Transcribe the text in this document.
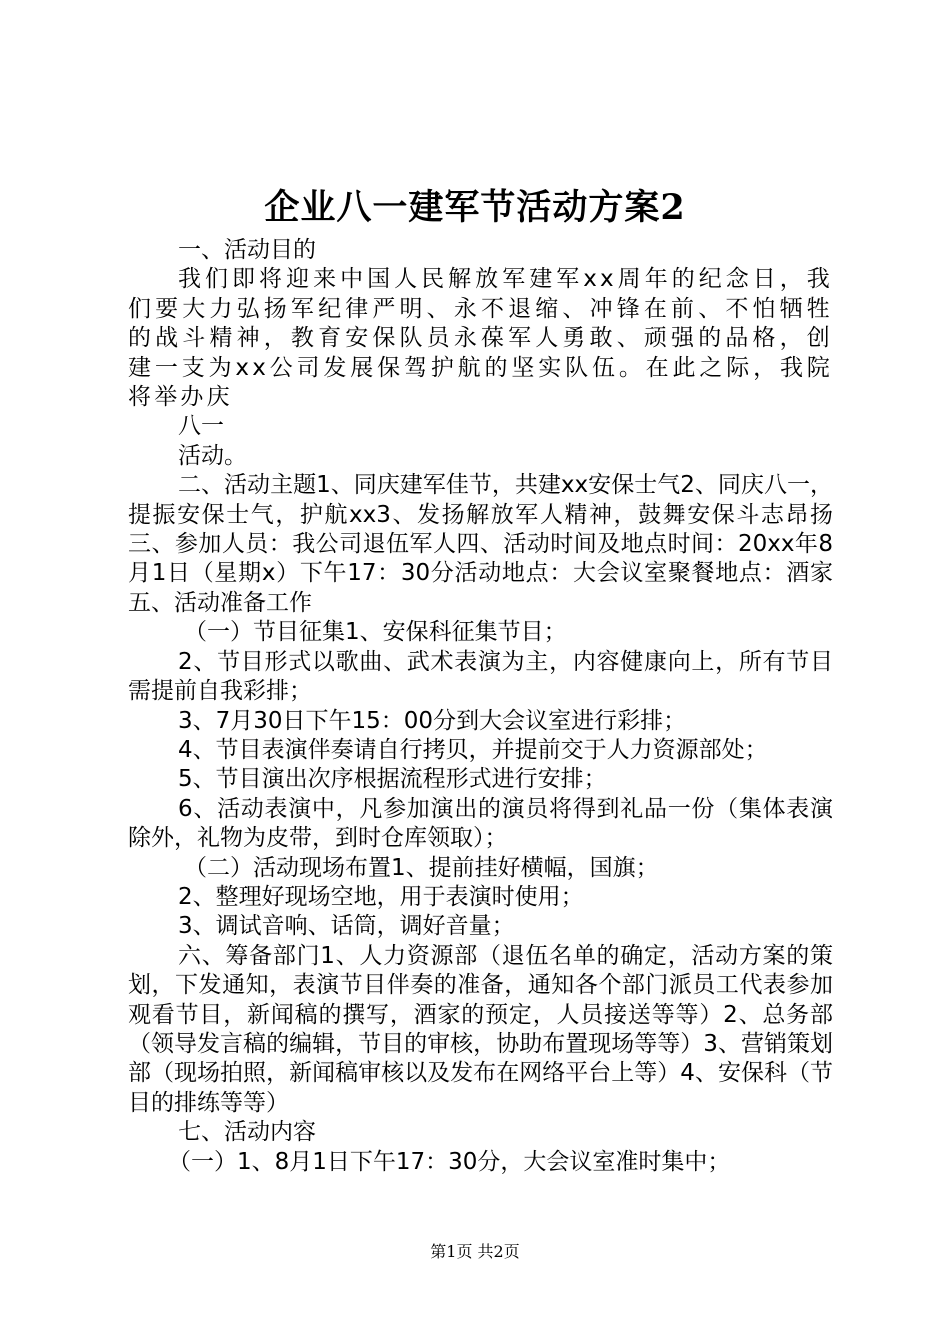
企业八一建军节活动方案2

一、活动目的

我们即将迎来中国人民解放军建军xx周年的纪念日，我们要大力弘扬军纪律严明、永不退缩、冲锋在前、不怕牺牲的战斗精神，教育安保队员永葆军人勇敢、顽强的品格，创建一支为xx公司发展保驾护航的坚实队伍。在此之际，我院将举办庆

八一

活动。

二、活动主题1、同庆建军佳节，共建xx安保士气2、同庆八一，提振安保士气，护航xx3、发扬解放军人精神，鼓舞安保斗志昂扬三、参加人员：我公司退伍军人四、活动时间及地点时间：20xx年8月1日（星期x）下午17：30分活动地点：大会议室聚餐地点：酒家五、活动准备工作

（一）节目征集1、安保科征集节目；

2、节目形式以歌曲、武术表演为主，内容健康向上，所有节目需提前自我彩排；

3、7月30日下午15：00分到大会议室进行彩排；

4、节目表演伴奏请自行拷贝，并提前交于人力资源部处；

5、节目演出次序根据流程形式进行安排；

6、活动表演中，凡参加演出的演员将得到礼品一份（集体表演除外，礼物为皮带，到时仓库领取）；

（二）活动现场布置1、提前挂好横幅，国旗；

2、整理好现场空地，用于表演时使用；

3、调试音响、话筒，调好音量；

六、筹备部门1、人力资源部（退伍名单的确定，活动方案的策划，下发通知，表演节目伴奏的准备，通知各个部门派员工代表参加观看节目，新闻稿的撰写，酒家的预定，人员接送等等）2、总务部（领导发言稿的编辑，节目的审核，协助布置现场等等）3、营销策划部（现场拍照，新闻稿审核以及发布在网络平台上等）4、安保科（节目的排练等等）

七、活动内容

（一）1、8月1日下午17：30分，大会议室准时集中；

第1页 共2页
